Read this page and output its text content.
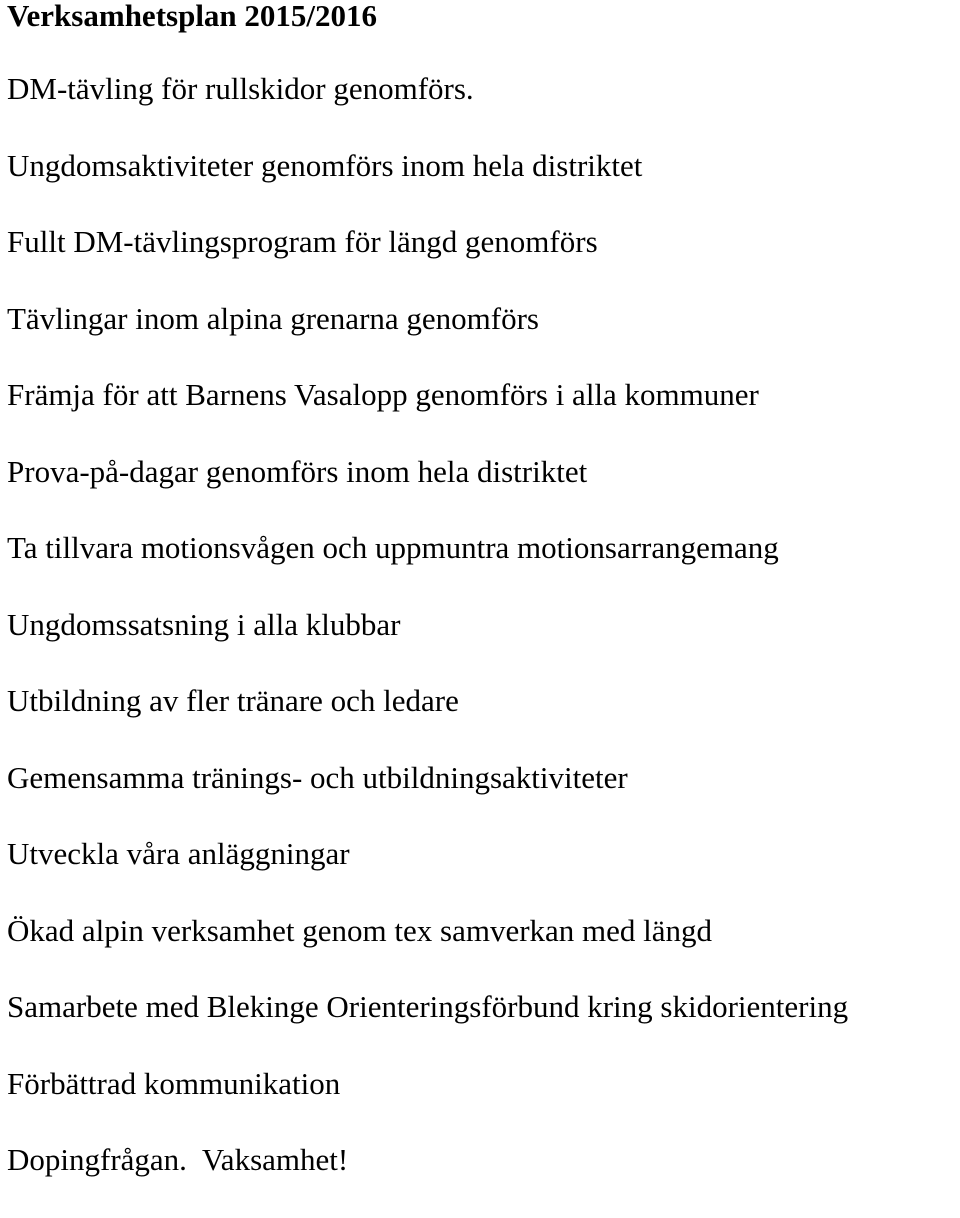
Verksamhetsplan 2015/2016
DM-tävling för rullskidor genomförs.
Ungdomsaktiviteter genomförs inom hela distriktet
Fullt DM-tävlingsprogram för längd genomförs
Tävlingar inom alpina grenarna genomförs
Främja för att Barnens Vasalopp genomförs i alla kommuner
Prova-på-dagar genomförs inom hela distriktet
Ta tillvara motionsvågen och uppmuntra motionsarrangemang
Ungdomssatsning i alla klubbar
Utbildning av fler tränare och ledare
Gemensamma tränings- och utbildningsaktiviteter
Utveckla våra anläggningar
Ökad alpin verksamhet genom tex samverkan med längd
Samarbete med Blekinge Orienteringsförbund kring skidorientering
Förbättrad kommunikation
Dopingfrågan.  Vaksamhet!
